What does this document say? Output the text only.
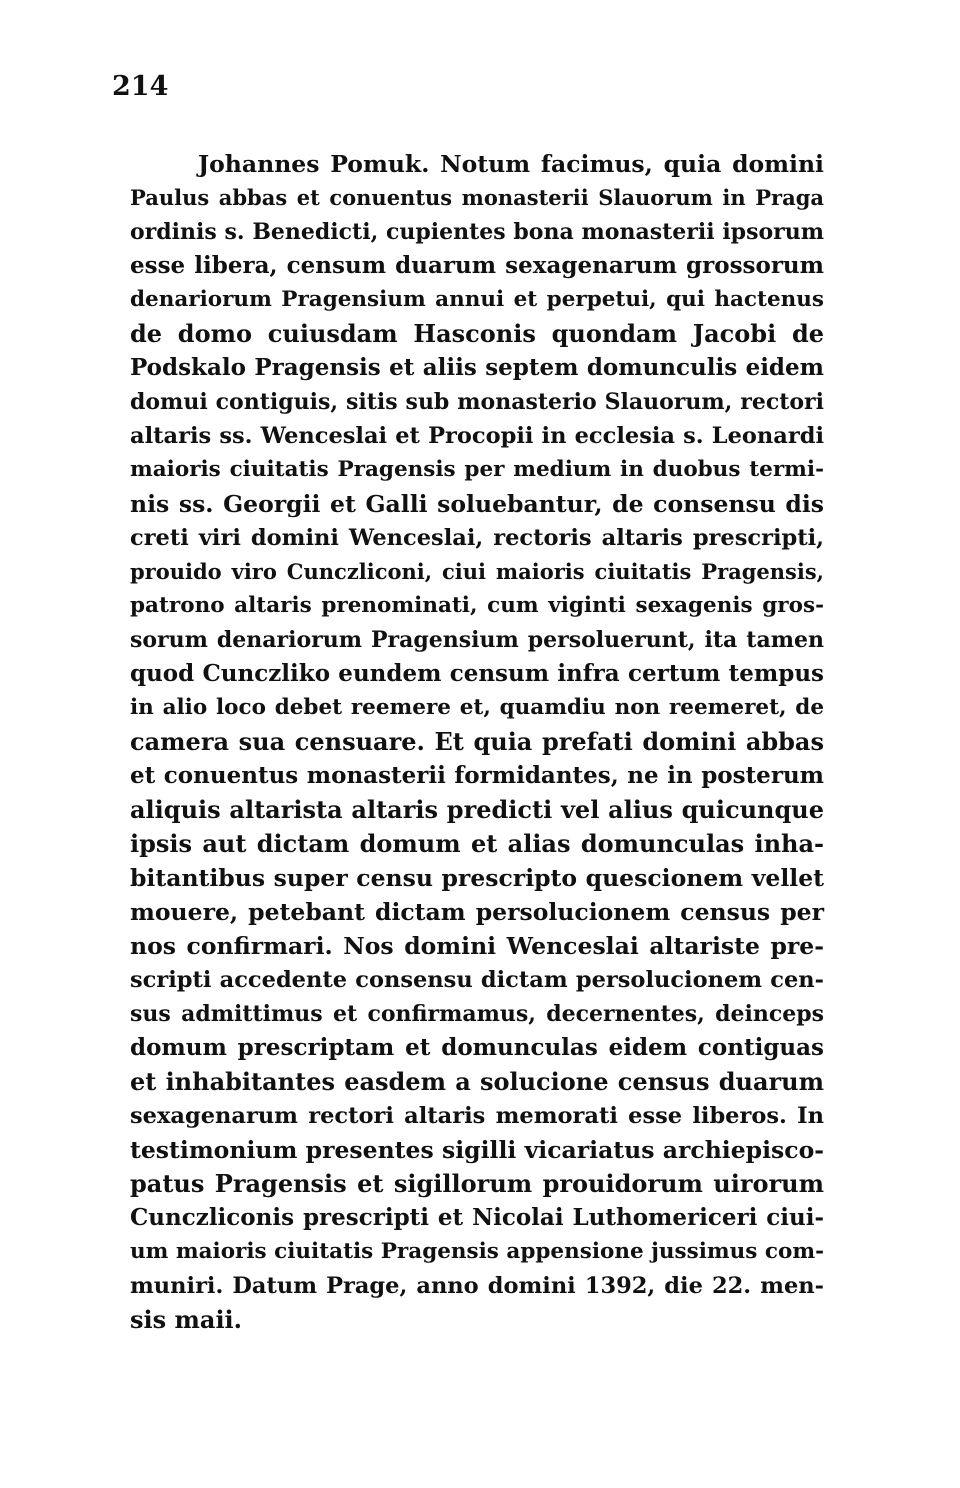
214
Johannes Pomuk. Notum facimus, quia domini
Paulus abbas et conuentus monasterii Slauorum in Praga
ordinis s. Benedicti, cupientes bona monasterii ipsorum
esse libera, censum duarum sexagenarum grossorum
denariorum Pragensium annui et perpetui, qui hactenus
de domo cuiusdam Hasconis quondam Jacobi de
Podskalo Pragensis et aliis septem domunculis eidem
domui contiguis, sitis sub monasterio Slauorum, rectori
altaris ss. Wenceslai et Procopii in ecclesia s. Leonardi
maioris ciuitatis Pragensis per medium in duobus termi-
nis ss. Georgii et Galli soluebantur, de consensu dis
creti viri domini Wenceslai, rectoris altaris prescripti,
prouido viro Cunczliconi, ciui maioris ciuitatis Pragensis,
patrono altaris prenominati, cum viginti sexagenis gros-
sorum denariorum Pragensium persoluerunt, ita tamen
quod Cunczliko eundem censum infra certum tempus
in alio loco debet reemere et, quamdiu non reemeret, de
camera sua censuare. Et quia prefati domini abbas
et conuentus monasterii formidantes, ne in posterum
aliquis altarista altaris predicti vel alius quicunque
ipsis aut dictam domum et alias domunculas inha-
bitantibus super censu prescripto quescionem vellet
mouere, petebant dictam persolucionem census per
nos confirmari. Nos domini Wenceslai altariste pre-
scripti accedente consensu dictam persolucionem cen-
sus admittimus et confirmamus, decernentes, deinceps
domum prescriptam et domunculas eidem contiguas
et inhabitantes easdem a solucione census duarum
sexagenarum rectori altaris memorati esse liberos. In
testimonium presentes sigilli vicariatus archiepisco-
patus Pragensis et sigillorum prouidorum uirorum
Cunczliconis prescripti et Nicolai Luthomericeri ciui-
um maioris ciuitatis Pragensis appensione jussimus com-
muniri. Datum Prage, anno domini 1392, die 22. men-
sis maii.
